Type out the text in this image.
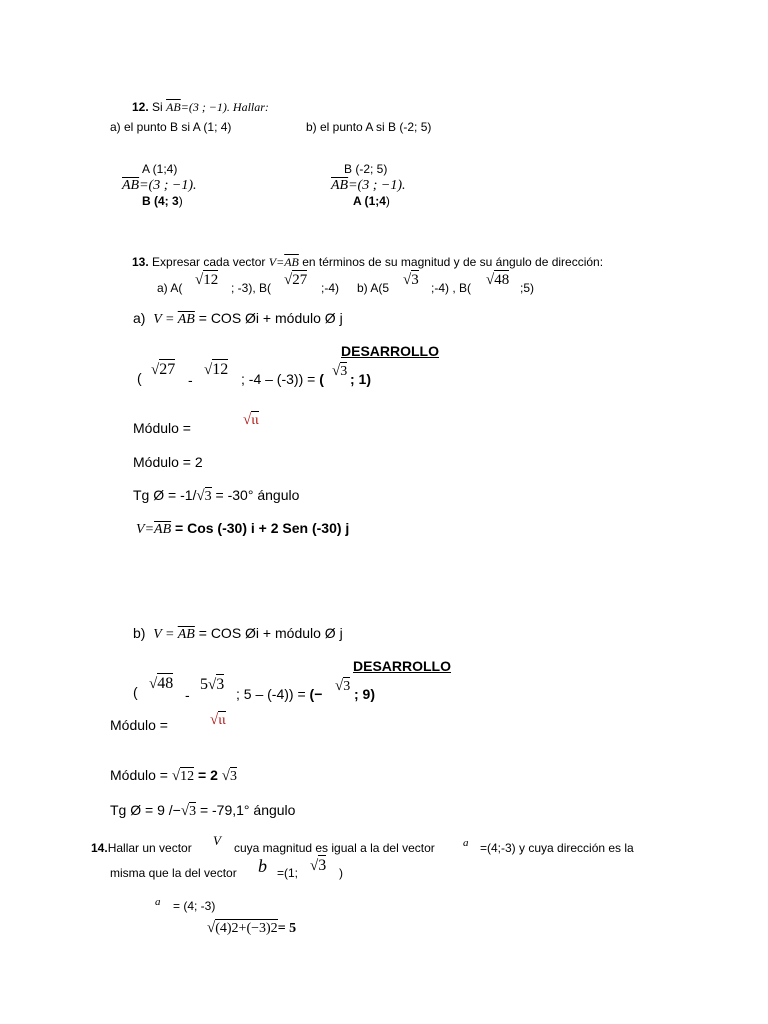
12. Si $\overline{AB}=(3$ ; −1). Hallar:
a) el punto B si A (1; 4)	b) el punto A si B (-2; 5)
A (1;4)
$\overline{AB}=(3$ ; −1).
B (4; 3)
B (-2; 5)
$\overline{AB}=(3$ ; −1).
A (1;4)
13. Expresar cada vector $V=\overline{AB}$ en términos de su magnitud y de su ángulo de dirección:
a) A( √12 ; -3), B( √27 ;-4) b) A(5 √3 ;-4) , B( √48 ;5)
a) $V = \overline{AB}$ = COS Øi + módulo Ø j
DESARROLLO
( √27
-
√12
; -4 – (-3)) = ( √3 ; 1)
Módulo =	√ιι
Módulo = 2
Tg Ø = -1/√3 = -30° ángulo
$V=\overline{AB}$ = Cos (-30) i + 2 Sen (-30) j
b) $V = \overline{AB}$ = COS Øi + módulo Ø j
DESARROLLO
( √48
-
5√3
; 5 – (-4)) = (− √3 ; 9)
Módulo =	√ιι
Módulo = √12 = 2 √3
Tg Ø = 9 /−√3 = -79,1° ángulo
14.Hallar un vector V cuya magnitud es igual a la del vector	a =(4;-3) y cuya dirección es la
misma que la del vector b =(1; √3 )
a = (4; -3)
√(4)2+(−3)2= 5
